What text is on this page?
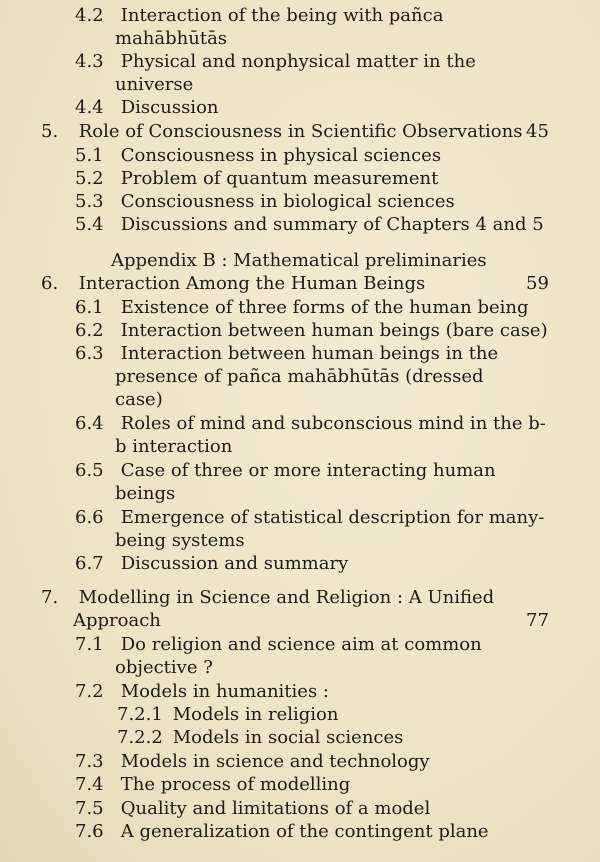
4.2 Interaction of the being with pañca
mahābhūtās
4.3 Physical and nonphysical matter in the
universe
4.4 Discussion
5. Role of Consciousness in Scientific Observations 45
5.1 Consciousness in physical sciences
5.2 Problem of quantum measurement
5.3 Consciousness in biological sciences
5.4 Discussions and summary of Chapters 4 and 5
Appendix B : Mathematical preliminaries
6. Interaction Among the Human Beings	59
6.1 Existence of three forms of the human being
6.2 Interaction between human beings (bare case)
6.3 Interaction between human beings in the
presence of pañca mahābhūtās (dressed
case)
6.4 Roles of mind and subconscious mind in the b-
b interaction
6.5 Case of three or more interacting human
beings
6.6 Emergence of statistical description for many-
being systems
6.7 Discussion and summary
7. Modelling in Science and Religion : A Unified
Approach	77
7.1 Do religion and science aim at common
objective ?
7.2 Models in humanities :
7.2.1 Models in religion
7.2.2 Models in social sciences
7.3 Models in science and technology
7.4 The process of modelling
7.5 Quality and limitations of a model
7.6 A generalization of the contingent plane
